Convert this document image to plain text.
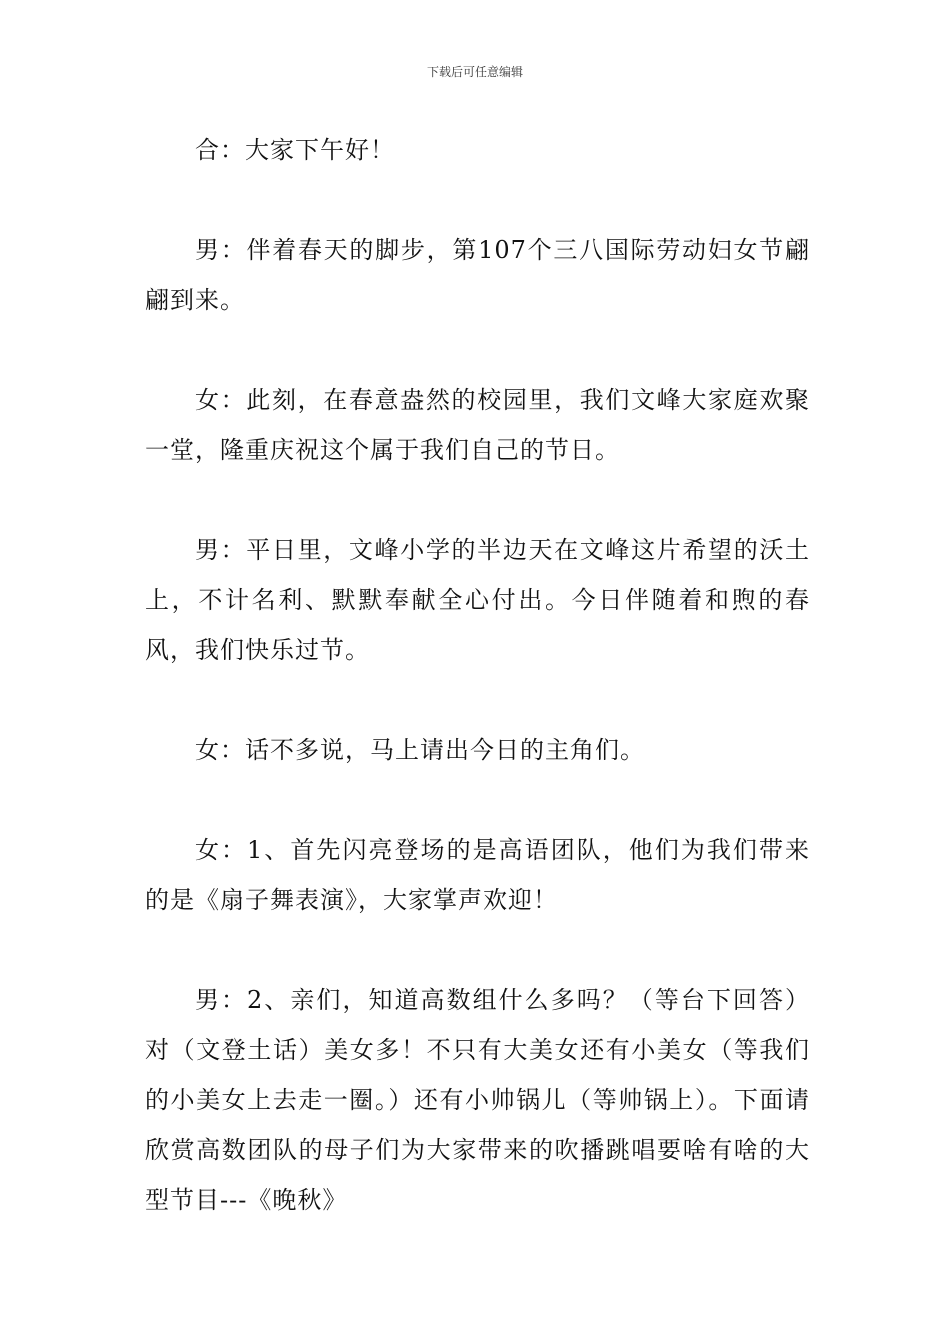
下载后可任意编辑

合：大家下午好！

男：伴着春天的脚步，第107个三八国际劳动妇女节翩翩到来。

女：此刻，在春意盎然的校园里，我们文峰大家庭欢聚一堂，隆重庆祝这个属于我们自己的节日。

男：平日里，文峰小学的半边天在文峰这片希望的沃土上，不计名利、默默奉献全心付出。今日伴随着和煦的春风，我们快乐过节。

女：话不多说，马上请出今日的主角们。

女：1、首先闪亮登场的是高语团队，他们为我们带来的是《扇子舞表演》，大家掌声欢迎！

男：2、亲们，知道高数组什么多吗？（等台下回答）对（文登土话）美女多！不只有大美女还有小美女（等我们的小美女上去走一圈。）还有小帅锅儿（等帅锅上）。下面请欣赏高数团队的母子们为大家带来的吹播跳唱要啥有啥的大型节目---《晚秋》
